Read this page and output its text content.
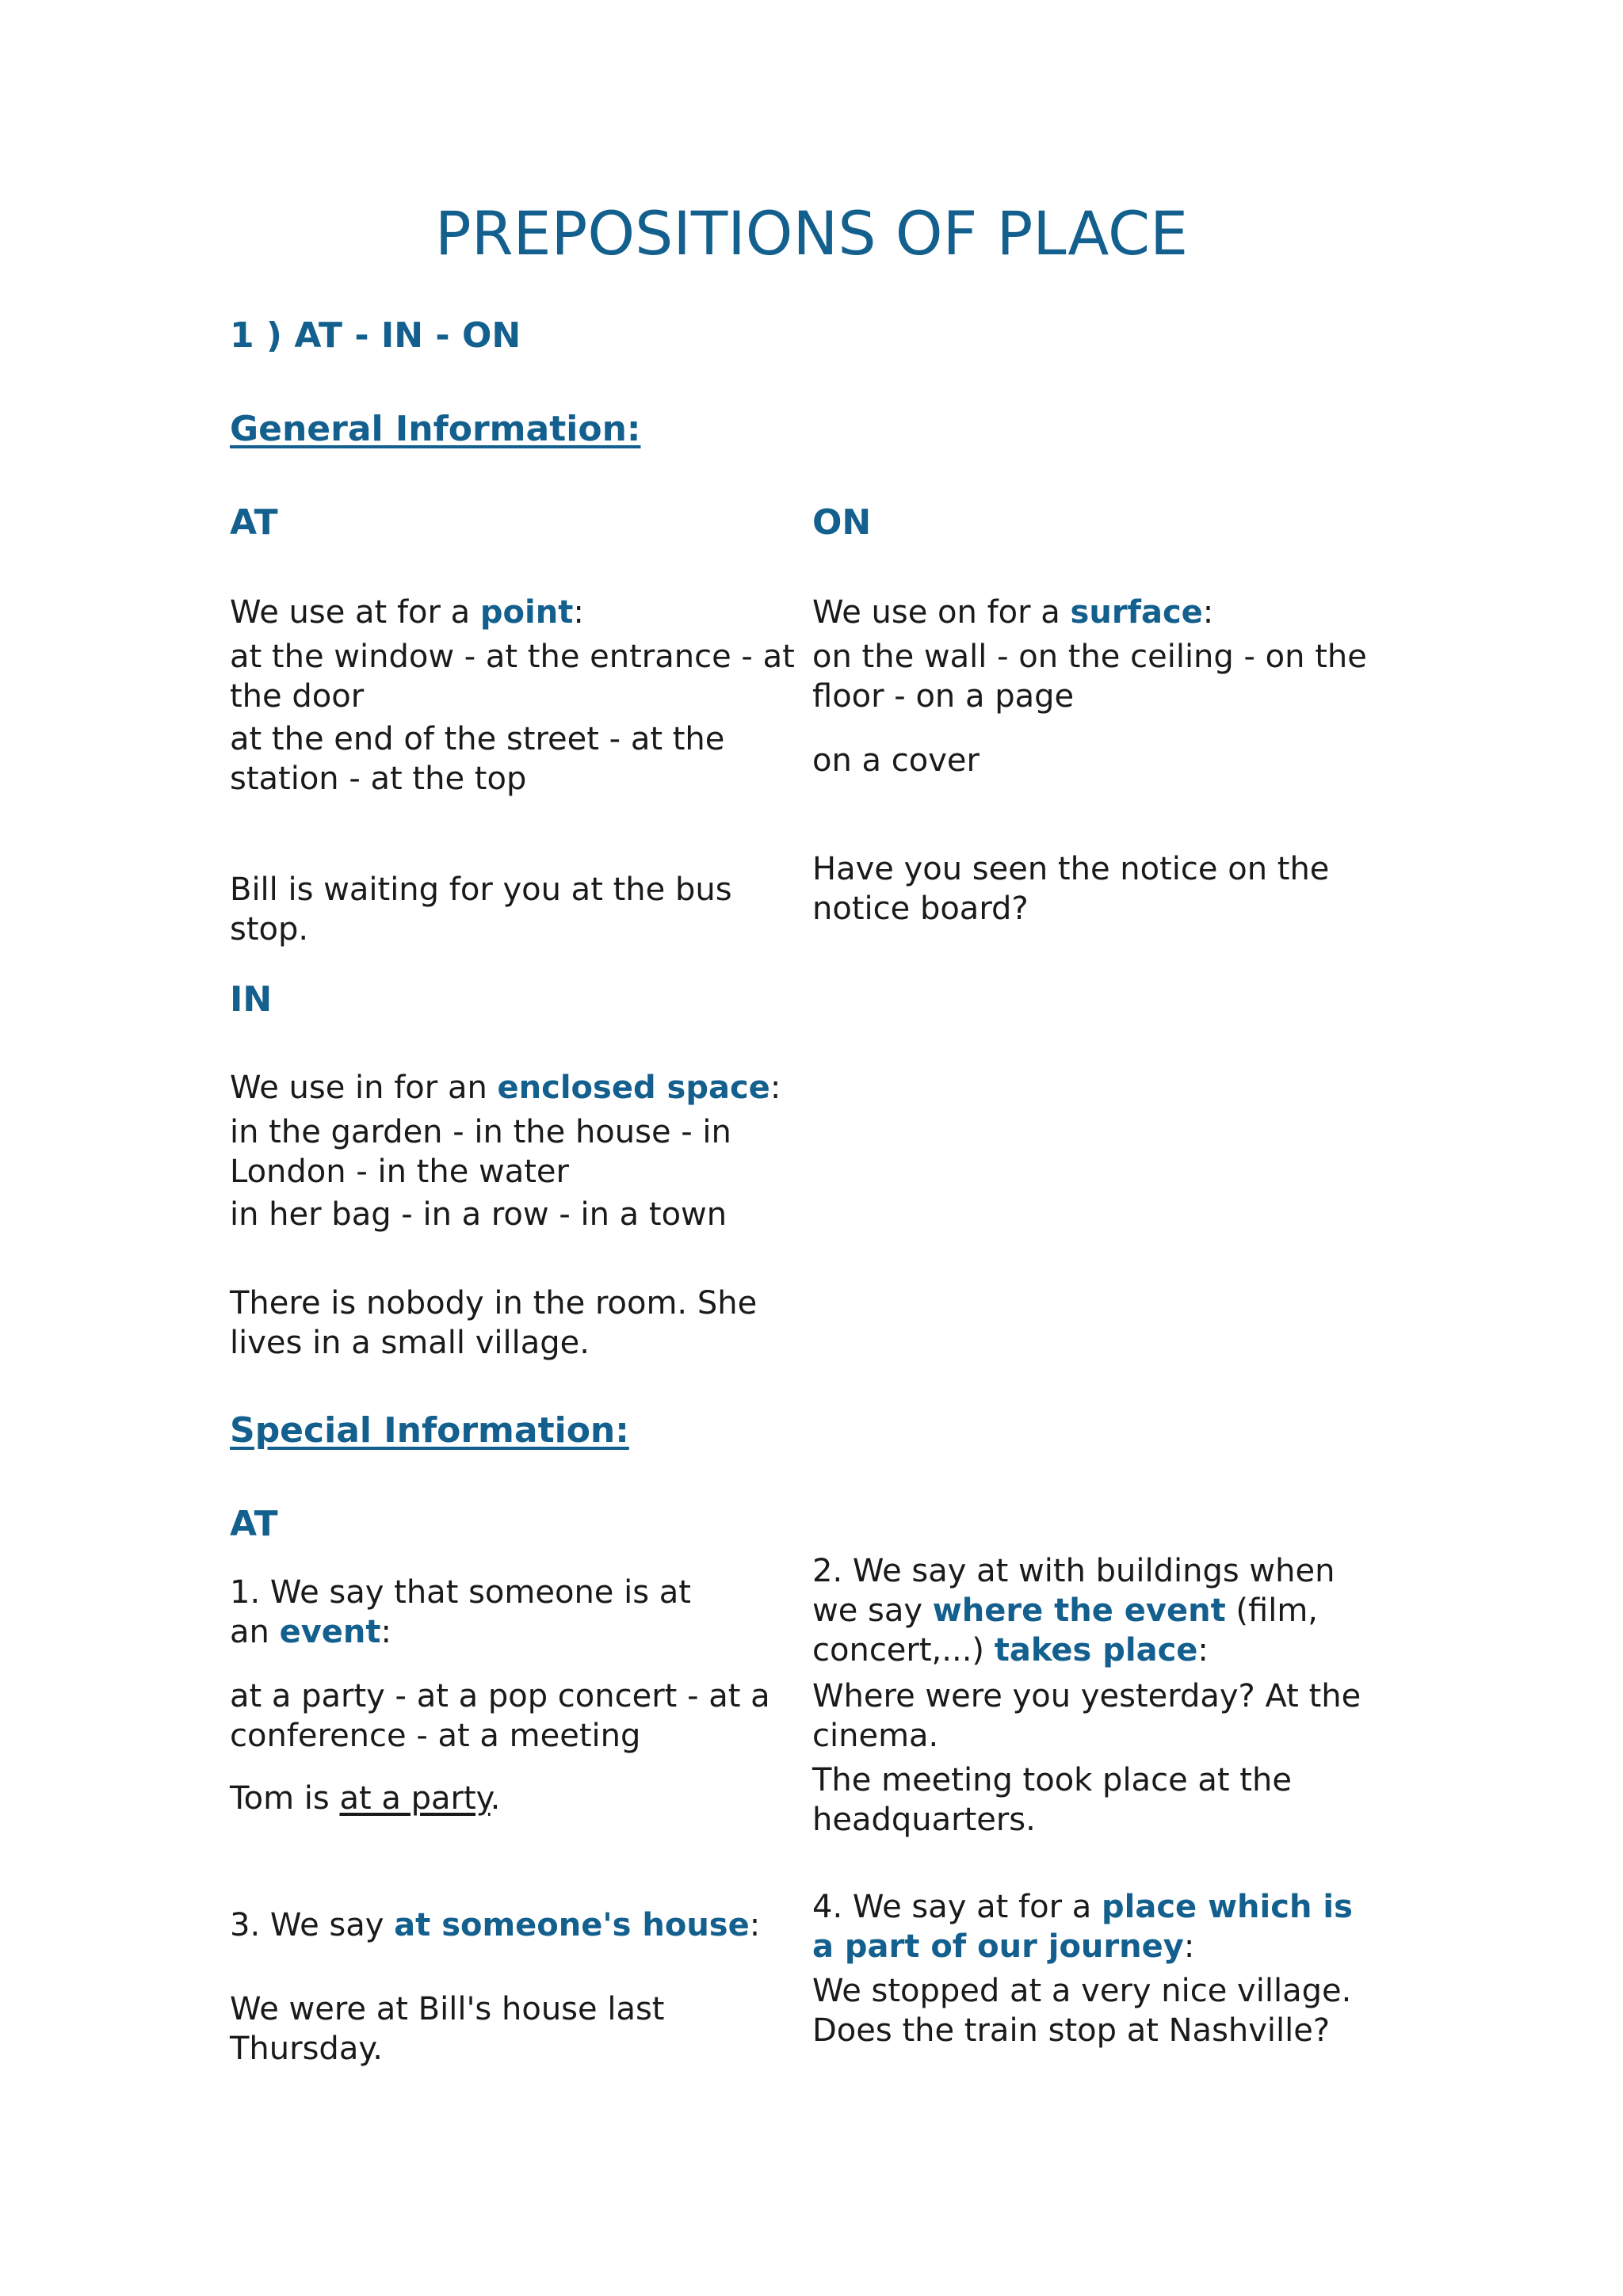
PREPOSITIONS OF PLACE
1 ) AT - IN - ON
General Information:
AT
We use at for a point:
at the window - at the entrance - at the door
at the end of the street - at the station - at the top
Bill is waiting for you at the bus stop.
ON
We use on for a surface:
on the wall - on the ceiling - on the floor - on a page
on a cover
Have you seen the notice on the notice board?
IN
We use in for an enclosed space:
in the garden - in the house - in London - in the water
in her bag - in a row - in a town
There is nobody in the room. She lives in a small village.
Special Information:
AT
1. We say that someone is at an event:
at a party - at a pop concert - at a conference - at a meeting
Tom is at a party.
2. We say at with buildings when we say where the event (film, concert,...) takes place:
Where were you yesterday? At the cinema.
The meeting took place at the headquarters.
3. We say at someone's house:
We were at Bill's house last Thursday.
4. We say at for a place which is a part of our journey:
We stopped at a very nice village. Does the train stop at Nashville?
